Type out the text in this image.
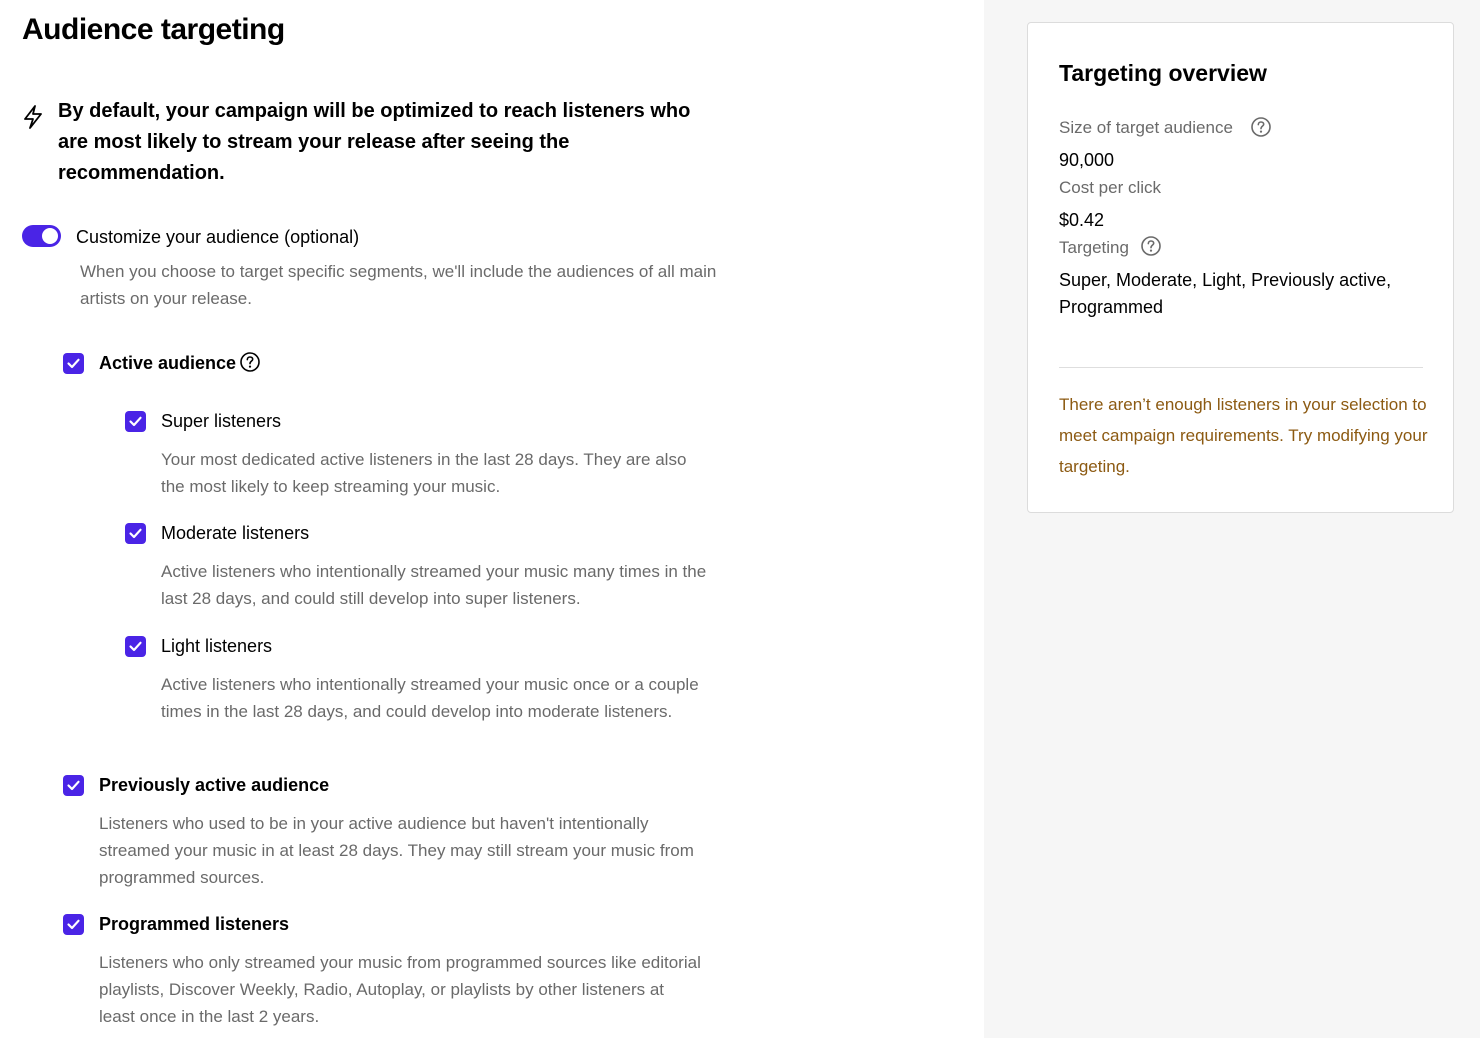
Audience targeting
By default, your campaign will be optimized to reach listeners who are most likely to stream your release after seeing the recommendation.
Customize your audience (optional)
When you choose to target specific segments, we'll include the audiences of all main artists on your release.
Active audience
Super listeners
Your most dedicated active listeners in the last 28 days. They are also the most likely to keep streaming your music.
Moderate listeners
Active listeners who intentionally streamed your music many times in the last 28 days, and could still develop into super listeners.
Light listeners
Active listeners who intentionally streamed your music once or a couple times in the last 28 days, and could develop into moderate listeners.
Previously active audience
Listeners who used to be in your active audience but haven't intentionally streamed your music in at least 28 days. They may still stream your music from programmed sources.
Programmed listeners
Listeners who only streamed your music from programmed sources like editorial playlists, Discover Weekly, Radio, Autoplay, or playlists by other listeners at least once in the last 2 years.
Targeting overview
Size of target audience
90,000
Cost per click
$0.42
Targeting
Super, Moderate, Light, Previously active, Programmed
There aren’t enough listeners in your selection to meet campaign requirements. Try modifying your targeting.
